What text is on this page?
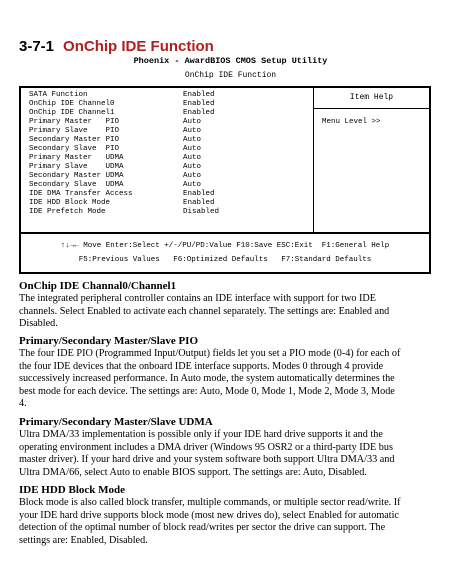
3-7-1 OnChip IDE Function
Phoenix - AwardBIOS CMOS Setup Utility
OnChip IDE Function
SATA Function	Enabled
OnChip IDE Channel0	Enabled
OnChip IDE Channel1	Enabled
Primary Master   PIO	Auto
Primary Slave    PIO	Auto
Secondary Master PIO	Auto
Secondary Slave  PIO	Auto
Primary Master   UDMA	Auto
Primary Slave    UDMA	Auto
Secondary Master UDMA	Auto
Secondary Slave  UDMA	Auto
IDE DMA Transfer Access	Enabled
IDE HDD Block Mode	Enabled
IDE Prefetch Mode	Disabled
Item Help
Menu Level >>
↑↓→← Move Enter:Select +/-/PU/PD:Value F10:Save ESC:Exit  F1:General Help
F5:Previous Values   F6:Optimized Defaults   F7:Standard Defaults
OnChip IDE Channal0/Channel1
The integrated peripheral controller contains an IDE interface with support for two IDE
channels. Select Enabled to activate each channel separately. The settings are: Enabled and
Disabled.
Primary/Secondary Master/Slave PIO
The four IDE PIO (Programmed Input/Output) fields let you set a PIO mode (0-4) for each of
the four IDE devices that the onboard IDE interface supports. Modes 0 through 4 provide
successively increased performance. In Auto mode, the system automatically determines the
best mode for each device. The settings are: Auto, Mode 0, Mode 1, Mode 2, Mode 3, Mode
4.
Primary/Secondary Master/Slave UDMA
Ultra DMA/33 implementation is possible only if your IDE hard drive supports it and the
operating environment includes a DMA driver (Windows 95 OSR2 or a third-party IDE bus
master driver). If your hard drive and your system software both support Ultra DMA/33 and
Ultra DMA/66, select Auto to enable BIOS support. The settings are: Auto, Disabled.
IDE HDD Block Mode
Block mode is also called block transfer, multiple commands, or multiple sector read/write. If
your IDE hard drive supports block mode (most new drives do), select Enabled for automatic
detection of the optimal number of block read/writes per sector the drive can support. The
settings are: Enabled, Disabled.
